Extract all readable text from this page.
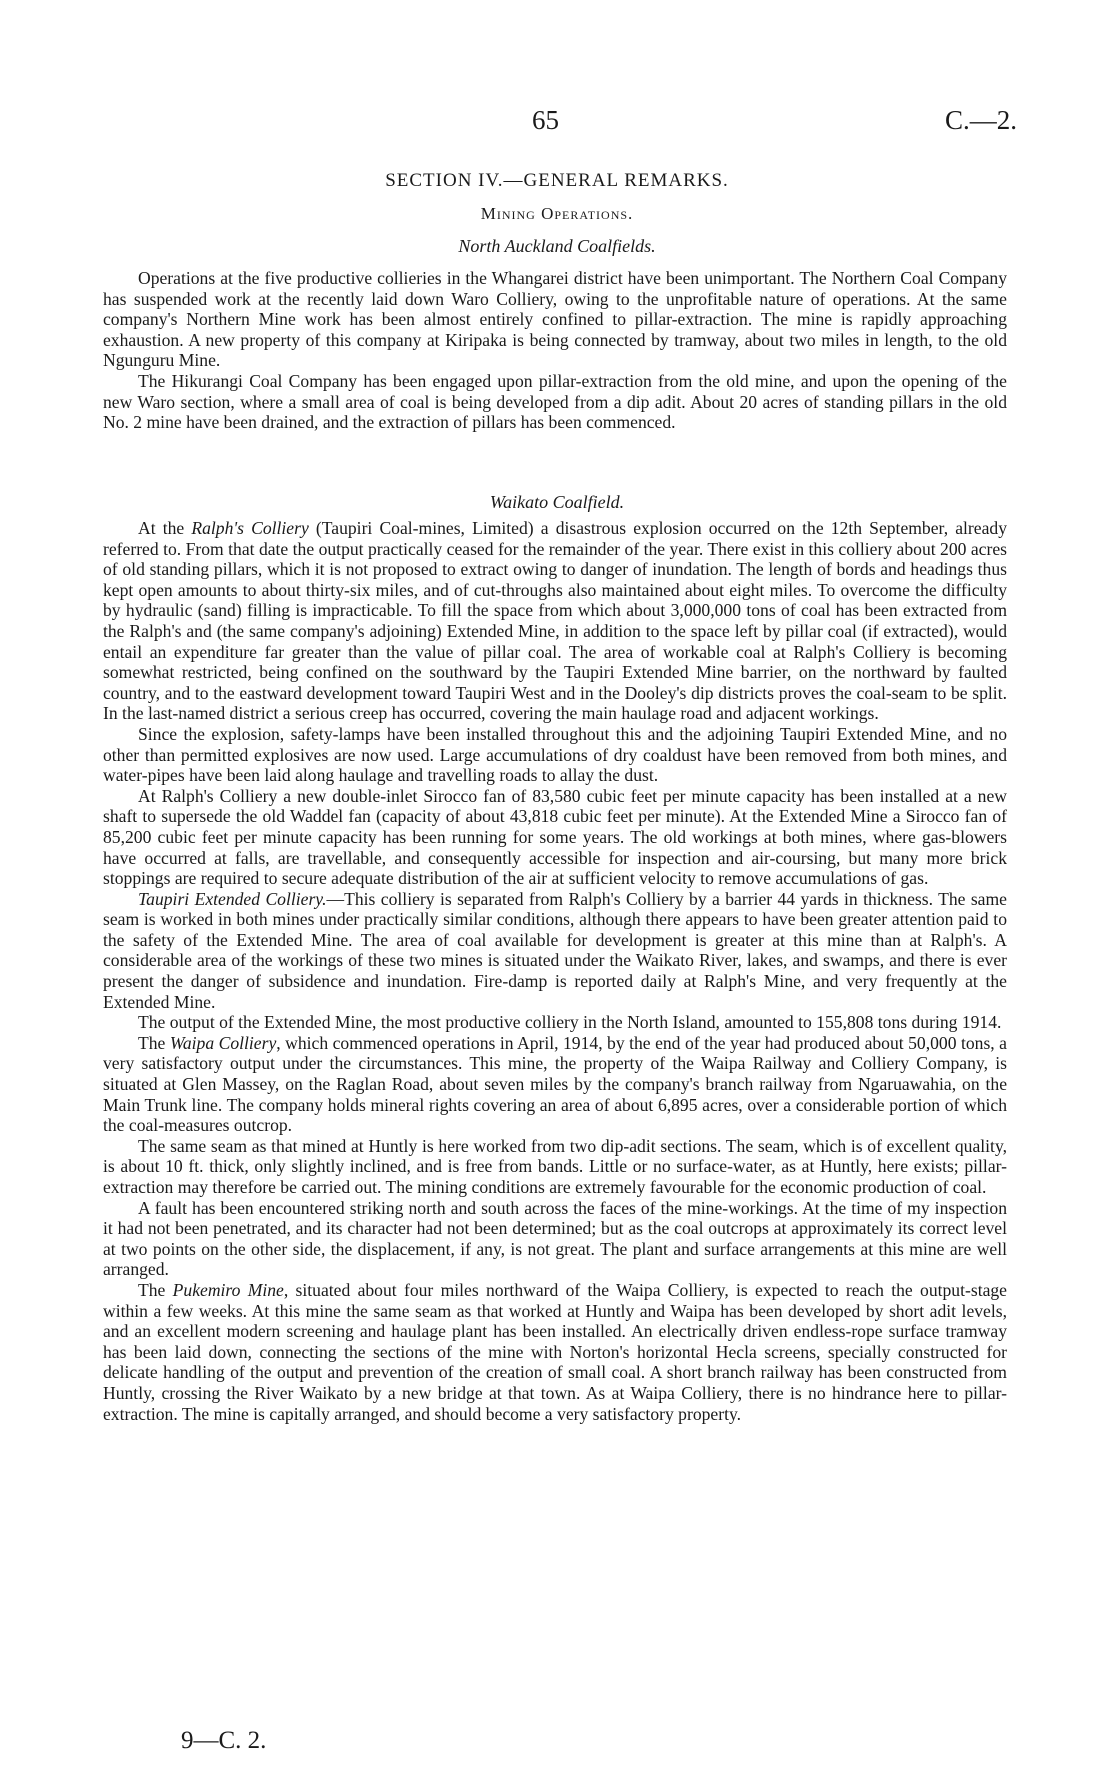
65	C.—2.
SECTION IV.—GENERAL REMARKS.
Mining Operations.
North Auckland Coalfields.

Operations at the five productive collieries in the Whangarei district have been unimportant. The Northern Coal Company has suspended work at the recently laid down Waro Colliery, owing to the unprofitable nature of operations. At the same company's Northern Mine work has been almost entirely confined to pillar-extraction. The mine is rapidly approaching exhaustion. A new property of this company at Kiripaka is being connected by tramway, about two miles in length, to the old Ngunguru Mine.

The Hikurangi Coal Company has been engaged upon pillar-extraction from the old mine, and upon the opening of the new Waro section, where a small area of coal is being developed from a dip adit. About 20 acres of standing pillars in the old No. 2 mine have been drained, and the extraction of pillars has been commenced.

Waikato Coalfield.

At the Ralph's Colliery (Taupiri Coal-mines, Limited) a disastrous explosion occurred on the 12th September, already referred to. From that date the output practically ceased for the remainder of the year. There exist in this colliery about 200 acres of old standing pillars, which it is not proposed to extract owing to danger of inundation. The length of bords and headings thus kept open amounts to about thirty-six miles, and of cut-throughs also maintained about eight miles. To overcome the difficulty by hydraulic (sand) filling is impracticable. To fill the space from which about 3,000,000 tons of coal has been extracted from the Ralph's and (the same company's adjoining) Extended Mine, in addition to the space left by pillar coal (if extracted), would entail an expenditure far greater than the value of pillar coal. The area of workable coal at Ralph's Colliery is becoming somewhat restricted, being confined on the southward by the Taupiri Extended Mine barrier, on the northward by faulted country, and to the eastward development toward Taupiri West and in the Dooley's dip districts proves the coal-seam to be split. In the last-named district a serious creep has occurred, covering the main haulage road and adjacent workings.

Since the explosion, safety-lamps have been installed throughout this and the adjoining Taupiri Extended Mine, and no other than permitted explosives are now used. Large accumulations of dry coaldust have been removed from both mines, and water-pipes have been laid along haulage and travelling roads to allay the dust.

At Ralph's Colliery a new double-inlet Sirocco fan of 83,580 cubic feet per minute capacity has been installed at a new shaft to supersede the old Waddel fan (capacity of about 43,818 cubic feet per minute). At the Extended Mine a Sirocco fan of 85,200 cubic feet per minute capacity has been running for some years. The old workings at both mines, where gas-blowers have occurred at falls, are travellable, and consequently accessible for inspection and air-coursing, but many more brick stoppings are required to secure adequate distribution of the air at sufficient velocity to remove accumulations of gas.

Taupiri Extended Colliery.—This colliery is separated from Ralph's Colliery by a barrier 44 yards in thickness. The same seam is worked in both mines under practically similar conditions, although there appears to have been greater attention paid to the safety of the Extended Mine. The area of coal available for development is greater at this mine than at Ralph's. A considerable area of the workings of these two mines is situated under the Waikato River, lakes, and swamps, and there is ever present the danger of subsidence and inundation. Fire-damp is reported daily at Ralph's Mine, and very frequently at the Extended Mine.

The output of the Extended Mine, the most productive colliery in the North Island, amounted to 155,808 tons during 1914.

The Waipa Colliery, which commenced operations in April, 1914, by the end of the year had produced about 50,000 tons, a very satisfactory output under the circumstances. This mine, the property of the Waipa Railway and Colliery Company, is situated at Glen Massey, on the Raglan Road, about seven miles by the company's branch railway from Ngaruawahia, on the Main Trunk line. The company holds mineral rights covering an area of about 6,895 acres, over a considerable portion of which the coal-measures outcrop.

The same seam as that mined at Huntly is here worked from two dip-adit sections. The seam, which is of excellent quality, is about 10 ft. thick, only slightly inclined, and is free from bands. Little or no surface-water, as at Huntly, here exists; pillar-extraction may therefore be carried out. The mining conditions are extremely favourable for the economic production of coal.

A fault has been encountered striking north and south across the faces of the mine-workings. At the time of my inspection it had not been penetrated, and its character had not been determined; but as the coal outcrops at approximately its correct level at two points on the other side, the displacement, if any, is not great. The plant and surface arrangements at this mine are well arranged.

The Pukemiro Mine, situated about four miles northward of the Waipa Colliery, is expected to reach the output-stage within a few weeks. At this mine the same seam as that worked at Huntly and Waipa has been developed by short adit levels, and an excellent modern screening and haulage plant has been installed. An electrically driven endless-rope surface tramway has been laid down, connecting the sections of the mine with Norton's horizontal Hecla screens, specially constructed for delicate handling of the output and prevention of the creation of small coal. A short branch railway has been constructed from Huntly, crossing the River Waikato by a new bridge at that town. As at Waipa Colliery, there is no hindrance here to pillar-extraction. The mine is capitally arranged, and should become a very satisfactory property.

9—C. 2.
